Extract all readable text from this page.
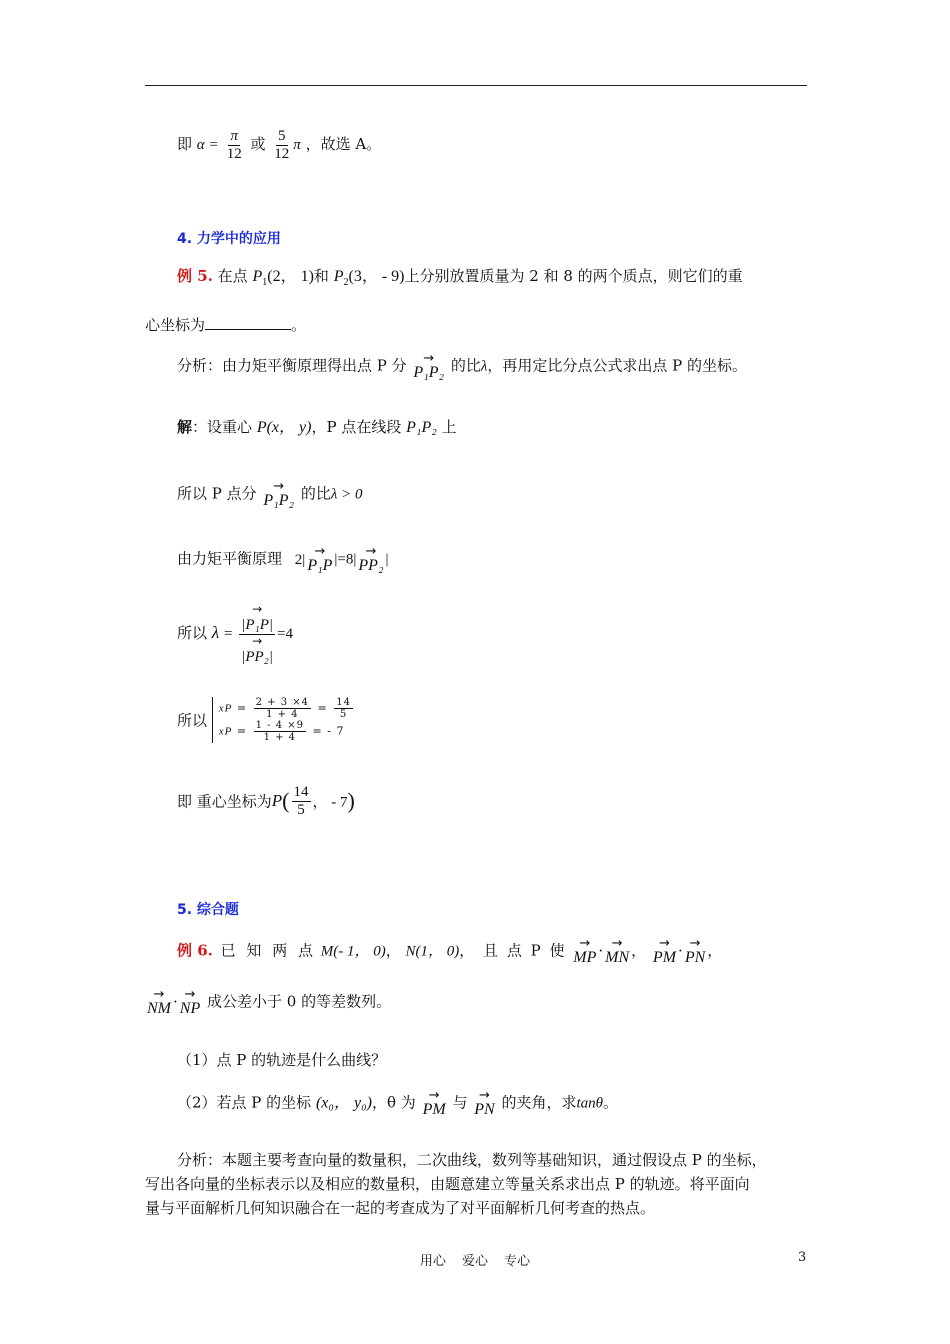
即 $\alpha = \frac{\pi}{12}$ 或 $\frac{5}{12}$ π ，故选 A。
4. 力学中的应用
例 5. 在点 $P_1(2$， 1)和 $P_2(3$， - 9)上分别放置质量为 2 和 8 的两个质点，则它们的重
心坐标为	。
分析：由力矩平衡原理得出点 P 分 →
P₁P₂ 的比λ，再用定比分点公式求出点 P 的坐标。
解：设重心 P(x， y)，P 点在线段 P₁P₂ 上
所以 P 点分 →
P₁P₂ 的比λ > 0
由力矩平衡原理 2| →
P₁P |=8| →
PP₂ |
所以 λ = →
|P₁P|
→
|PP₂| =4
所以
xP = $\frac{2 + 3 \times 4}{1 + 4} = \frac{14}{5}$
xP = $\frac{1 - 4 \times 9}{1 + 4}$ = - 7
即 重心坐标为$P( \frac{14}{5}$ ， - 7)
5. 综合题
例 6. 已 知 两 点 M(- 1， 0)， N(1， 0)， 且 点 P 使 →
MP · →
MN ， →
PM · →
PN ，
→
NM · →
NP 成公差小于 0 的等差数列。
（1）点 P 的轨迹是什么曲线？
（2）若点 P 的坐标 (x₀， y₀)，θ 为 →
PM 与 →
PN 的夹角，求tanθ。
分析：本题主要考查向量的数量积，二次曲线，数列等基础知识，通过假设点 P 的坐标，
写出各向量的坐标表示以及相应的数量积，由题意建立等量关系求出点 P 的轨迹。将平面向
量与平面解析几何知识融合在一起的考查成为了对平面解析几何考查的热点。
用心 爱心 专心	3
